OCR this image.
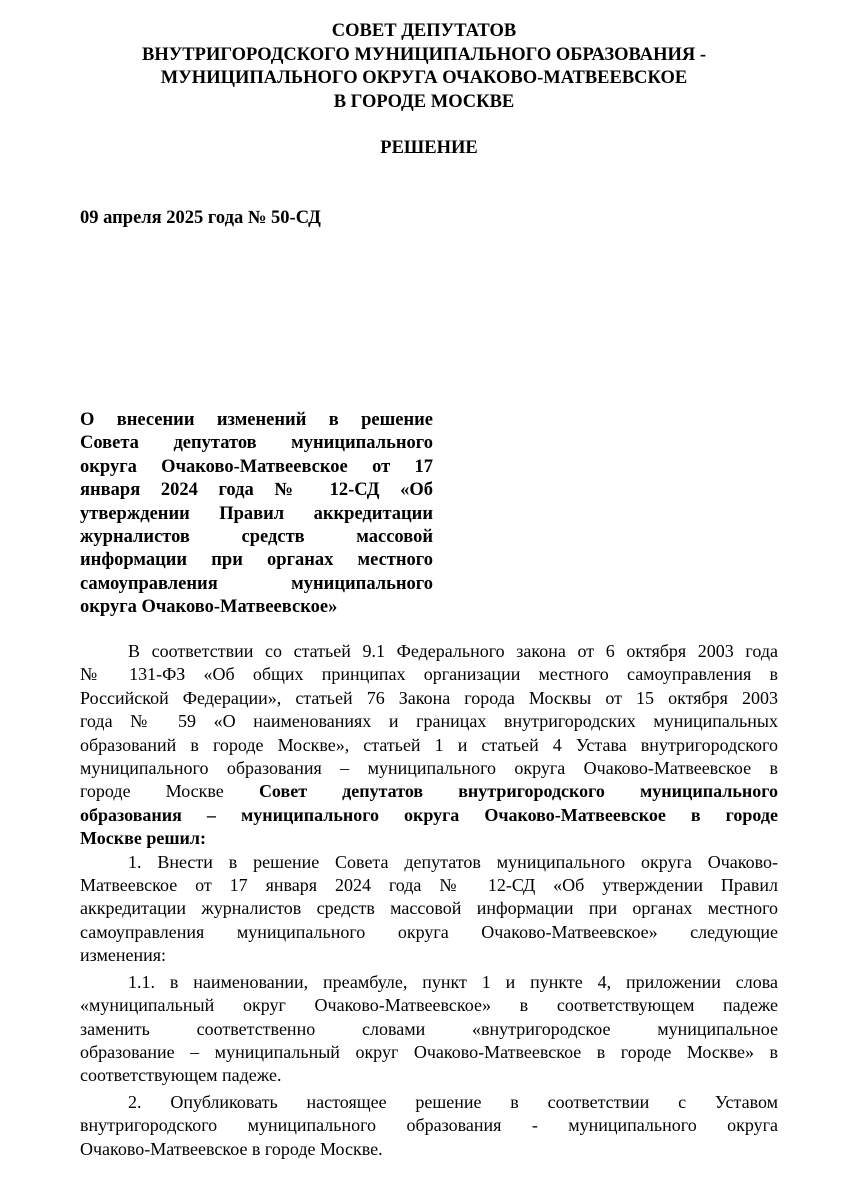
СОВЕТ ДЕПУТАТОВ
ВНУТРИГОРОДСКОГО МУНИЦИПАЛЬНОГО ОБРАЗОВАНИЯ -
МУНИЦИПАЛЬНОГО ОКРУГА ОЧАКОВО-МАТВЕЕВСКОЕ
В ГОРОДЕ МОСКВЕ
РЕШЕНИЕ
09 апреля 2025 года № 50-СД
О внесении изменений в решение
Совета депутатов муниципального
округа Очаково-Матвеевское от 17
января 2024 года № 12-СД «Об
утверждении Правил аккредитации
журналистов средств массовой
информации при органах местного
самоуправления муниципального
округа Очаково-Матвеевское»
В соответствии со статьей 9.1 Федерального закона от 6 октября 2003 года
№ 131-ФЗ «Об общих принципах организации местного самоуправления в
Российской Федерации», статьей 76 Закона города Москвы от 15 октября 2003
года № 59 «О наименованиях и границах внутригородских муниципальных
образований в городе Москве», статьей 1 и статьей 4 Устава внутригородского
муниципального образования – муниципального округа Очаково-Матвеевское в
городе Москве Совет депутатов внутригородского муниципального
образования – муниципального округа Очаково-Матвеевское в городе
Москве решил:
1. Внести в решение Совета депутатов муниципального округа Очаково-
Матвеевское от 17 января 2024 года № 12-СД «Об утверждении Правил
аккредитации журналистов средств массовой информации при органах местного
самоуправления муниципального округа Очаково-Матвеевское» следующие
изменения:
1.1. в наименовании, преамбуле, пункт 1 и пункте 4, приложении слова
«муниципальный округ Очаково-Матвеевское» в соответствующем падеже
заменить соответственно словами «внутригородское муниципальное
образование – муниципальный округ Очаково-Матвеевское в городе Москве» в
соответствующем падеже.
2. Опубликовать настоящее решение в соответствии с Уставом
внутригородского муниципального образования - муниципального округа
Очаково-Матвеевское в городе Москве.
